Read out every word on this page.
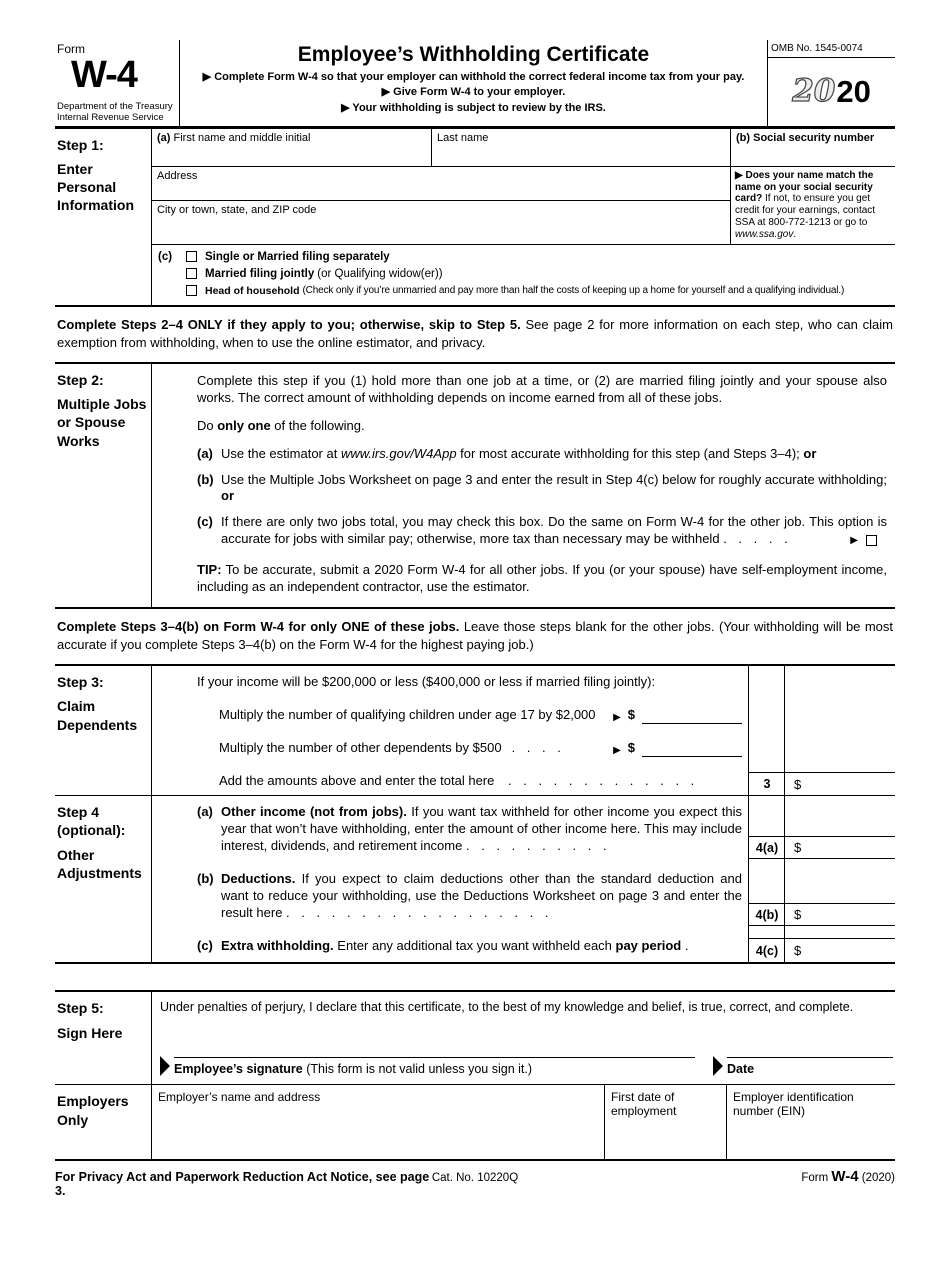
Form
W-4
Department of the Treasury
Internal Revenue Service
Employee’s Withholding Certificate
▶ Complete Form W-4 so that your employer can withhold the correct federal income tax from your pay.
▶ Give Form W-4 to your employer.
▶ Your withholding is subject to review by the IRS.
OMB No. 1545-0074
20 20
Step 1:
Enter Personal Information
(a) First name and middle initial	Last name
Address
City or town, state, and ZIP code
(b) Social security number
▶ Does your name match the name on your social security card? If not, to ensure you get credit for your earnings, contact SSA at 800-772-1213 or go to www.ssa.gov.
(c)	Single or Married filing separately
Married filing jointly (or Qualifying widow(er))
Head of household (Check only if you’re unmarried and pay more than half the costs of keeping up a home for yourself and a qualifying individual.)
Complete Steps 2–4 ONLY if they apply to you; otherwise, skip to Step 5. See page 2 for more information on each step, who can claim exemption from withholding, when to use the online estimator, and privacy.
Step 2:
Multiple Jobs or Spouse Works

Complete this step if you (1) hold more than one job at a time, or (2) are married filing jointly and your spouse also works. The correct amount of withholding depends on income earned from all of these jobs.

Do only one of the following.

(a) Use the estimator at www.irs.gov/W4App for most accurate withholding for this step (and Steps 3–4); or
(b) Use the Multiple Jobs Worksheet on page 3 and enter the result in Step 4(c) below for roughly accurate withholding; or
(c) If there are only two jobs total, you may check this box. Do the same on Form W-4 for the other job. This option is accurate for jobs with similar pay; otherwise, more tax than necessary may be withheld . . . . .	▶

TIP: To be accurate, submit a 2020 Form W-4 for all other jobs. If you (or your spouse) have self-employment income, including as an independent contractor, use the estimator.

Complete Steps 3–4(b) on Form W-4 for only ONE of these jobs. Leave those steps blank for the other jobs. (Your withholding will be most accurate if you complete Steps 3–4(b) on the Form W-4 for the highest paying job.)
Step 3:
Claim Dependents

If your income will be $200,000 or less ($400,000 or less if married filing jointly):

Multiply the number of qualifying children under age 17 by $2,000 ▶ $
Multiply the number of other dependents by $500 . . . .	▶ $
Add the amounts above and enter the total here . . . . . . . . . . . . .	3	$
Step 4
(optional):
Other Adjustments
(a) Other income (not from jobs). If you want tax withheld for other income you expect this year that won’t have withholding, enter the amount of other income here. This may include interest, dividends, and retirement income . . . . . . . . . .
(b) Deductions. If you expect to claim deductions other than the standard deduction and want to reduce your withholding, use the Deductions Worksheet on page 3 and enter the result here . . . . . . . . . . . . . . . . . .
(c) Extra withholding. Enter any additional tax you want withheld each pay period .
4(a)	$
4(b)	$
4(c)	$
Step 5:
Sign Here

Under penalties of perjury, I declare that this certificate, to the best of my knowledge and belief, is true, correct, and complete.

Employee’s signature (This form is not valid unless you sign it.)	Date
Employers Only
Employer’s name and address	First date of employment
Employer identification number (EIN)
For Privacy Act and Paperwork Reduction Act Notice, see page 3.
Cat. No. 10220Q	Form W-4 (2020)
